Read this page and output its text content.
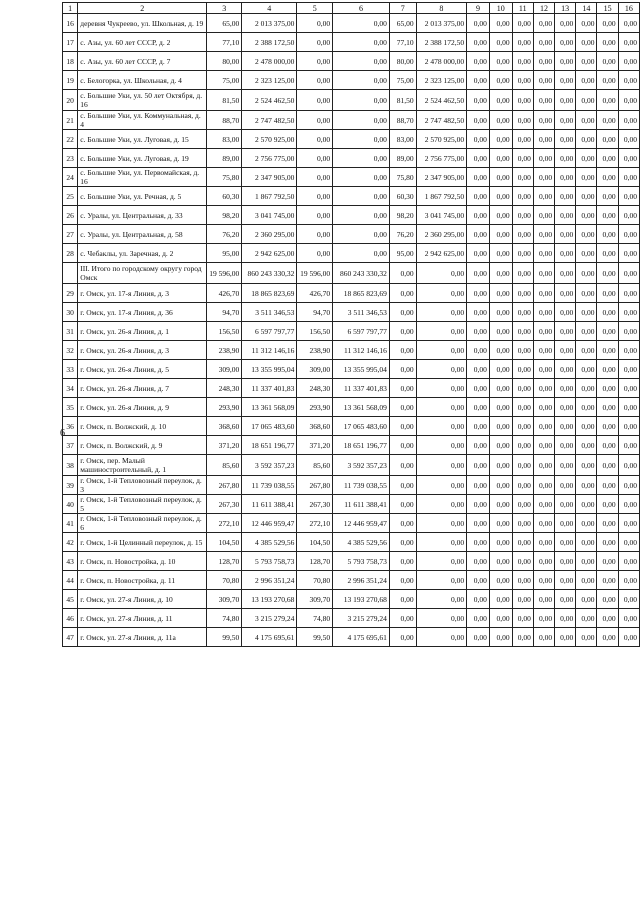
6
1	2	3	4	5	6	7	8	9	10	11	12	13	14	15	16
16	деревня Чукреево, ул. Школьная, д. 19	65,00	2 013 375,00	0,00	0,00	65,00	2 013 375,00	0,00	0,00	0,00	0,00	0,00	0,00	0,00	0,00
17	с. Азы, ул. 60 лет СССР, д. 2	77,10	2 388 172,50	0,00	0,00	77,10	2 388 172,50	0,00	0,00	0,00	0,00	0,00	0,00	0,00	0,00
18	с. Азы, ул. 60 лет СССР, д. 7	80,00	2 478 000,00	0,00	0,00	80,00	2 478 000,00	0,00	0,00	0,00	0,00	0,00	0,00	0,00	0,00
19	с. Белогорка, ул. Школьная, д. 4	75,00	2 323 125,00	0,00	0,00	75,00	2 323 125,00	0,00	0,00	0,00	0,00	0,00	0,00	0,00	0,00
20	с. Большие Уки, ул. 50 лет Октября, д. 16	81,50	2 524 462,50	0,00	0,00	81,50	2 524 462,50	0,00	0,00	0,00	0,00	0,00	0,00	0,00	0,00
21	с. Большие Уки, ул. Коммунальная, д. 4	88,70	2 747 482,50	0,00	0,00	88,70	2 747 482,50	0,00	0,00	0,00	0,00	0,00	0,00	0,00	0,00
22	с. Большие Уки, ул. Луговая, д. 15	83,00	2 570 925,00	0,00	0,00	83,00	2 570 925,00	0,00	0,00	0,00	0,00	0,00	0,00	0,00	0,00
23	с. Большие Уки, ул. Луговая, д. 19	89,00	2 756 775,00	0,00	0,00	89,00	2 756 775,00	0,00	0,00	0,00	0,00	0,00	0,00	0,00	0,00
24	с. Большие Уки, ул. Первомайская, д. 16	75,80	2 347 905,00	0,00	0,00	75,80	2 347 905,00	0,00	0,00	0,00	0,00	0,00	0,00	0,00	0,00
25	с. Большие Уки, ул. Речная, д. 5	60,30	1 867 792,50	0,00	0,00	60,30	1 867 792,50	0,00	0,00	0,00	0,00	0,00	0,00	0,00	0,00
26	с. Уралы, ул. Центральная, д. 33	98,20	3 041 745,00	0,00	0,00	98,20	3 041 745,00	0,00	0,00	0,00	0,00	0,00	0,00	0,00	0,00
27	с. Уралы, ул. Центральная, д. 58	76,20	2 360 295,00	0,00	0,00	76,20	2 360 295,00	0,00	0,00	0,00	0,00	0,00	0,00	0,00	0,00
28	с. Чебаклы, ул. Заречная, д. 2	95,00	2 942 625,00	0,00	0,00	95,00	2 942 625,00	0,00	0,00	0,00	0,00	0,00	0,00	0,00	0,00
	III. Итого по городскому округу город Омск	19 596,00	860 243 330,32	19 596,00	860 243 330,32	0,00	0,00	0,00	0,00	0,00	0,00	0,00	0,00	0,00	0,00
29	г. Омск, ул. 17-я Линия, д. 3	426,70	18 865 823,69	426,70	18 865 823,69	0,00	0,00	0,00	0,00	0,00	0,00	0,00	0,00	0,00	0,00
30	г. Омск, ул. 17-я Линия, д. 36	94,70	3 511 346,53	94,70	3 511 346,53	0,00	0,00	0,00	0,00	0,00	0,00	0,00	0,00	0,00	0,00
31	г. Омск, ул. 26-я Линия, д. 1	156,50	6 597 797,77	156,50	6 597 797,77	0,00	0,00	0,00	0,00	0,00	0,00	0,00	0,00	0,00	0,00
32	г. Омск, ул. 26-я Линия, д. 3	238,90	11 312 146,16	238,90	11 312 146,16	0,00	0,00	0,00	0,00	0,00	0,00	0,00	0,00	0,00	0,00
33	г. Омск, ул. 26-я Линия, д. 5	309,00	13 355 995,04	309,00	13 355 995,04	0,00	0,00	0,00	0,00	0,00	0,00	0,00	0,00	0,00	0,00
34	г. Омск, ул. 26-я Линия, д. 7	248,30	11 337 401,83	248,30	11 337 401,83	0,00	0,00	0,00	0,00	0,00	0,00	0,00	0,00	0,00	0,00
35	г. Омск, ул. 26-я Линия, д. 9	293,90	13 361 568,09	293,90	13 361 568,09	0,00	0,00	0,00	0,00	0,00	0,00	0,00	0,00	0,00	0,00
36	г. Омск, п. Волжский, д. 10	368,60	17 065 483,60	368,60	17 065 483,60	0,00	0,00	0,00	0,00	0,00	0,00	0,00	0,00	0,00	0,00
37	г. Омск, п. Волжский, д. 9	371,20	18 651 196,77	371,20	18 651 196,77	0,00	0,00	0,00	0,00	0,00	0,00	0,00	0,00	0,00	0,00
38	г. Омск, пер. Малый машиностроительный, д. 1	85,60	3 592 357,23	85,60	3 592 357,23	0,00	0,00	0,00	0,00	0,00	0,00	0,00	0,00	0,00	0,00
39	г. Омск, 1-й Тепловозный переулок, д. 3	267,80	11 739 038,55	267,80	11 739 038,55	0,00	0,00	0,00	0,00	0,00	0,00	0,00	0,00	0,00	0,00
40	г. Омск, 1-й Тепловозный переулок, д. 5	267,30	11 611 388,41	267,30	11 611 388,41	0,00	0,00	0,00	0,00	0,00	0,00	0,00	0,00	0,00	0,00
41	г. Омск, 1-й Тепловозный переулок, д. 6	272,10	12 446 959,47	272,10	12 446 959,47	0,00	0,00	0,00	0,00	0,00	0,00	0,00	0,00	0,00	0,00
42	г. Омск, 1-й Целинный переулок, д. 15	104,50	4 385 529,56	104,50	4 385 529,56	0,00	0,00	0,00	0,00	0,00	0,00	0,00	0,00	0,00	0,00
43	г. Омск, п. Новостройка, д. 10	128,70	5 793 758,73	128,70	5 793 758,73	0,00	0,00	0,00	0,00	0,00	0,00	0,00	0,00	0,00	0,00
44	г. Омск, п. Новостройка, д. 11	70,80	2 996 351,24	70,80	2 996 351,24	0,00	0,00	0,00	0,00	0,00	0,00	0,00	0,00	0,00	0,00
45	г. Омск, ул. 27-я Линия, д. 10	309,70	13 193 270,68	309,70	13 193 270,68	0,00	0,00	0,00	0,00	0,00	0,00	0,00	0,00	0,00	0,00
46	г. Омск, ул. 27-я Линия, д. 11	74,80	3 215 279,24	74,80	3 215 279,24	0,00	0,00	0,00	0,00	0,00	0,00	0,00	0,00	0,00	0,00
47	г. Омск, ул. 27-я Линия, д. 11а	99,50	4 175 695,61	99,50	4 175 695,61	0,00	0,00	0,00	0,00	0,00	0,00	0,00	0,00	0,00	0,00
